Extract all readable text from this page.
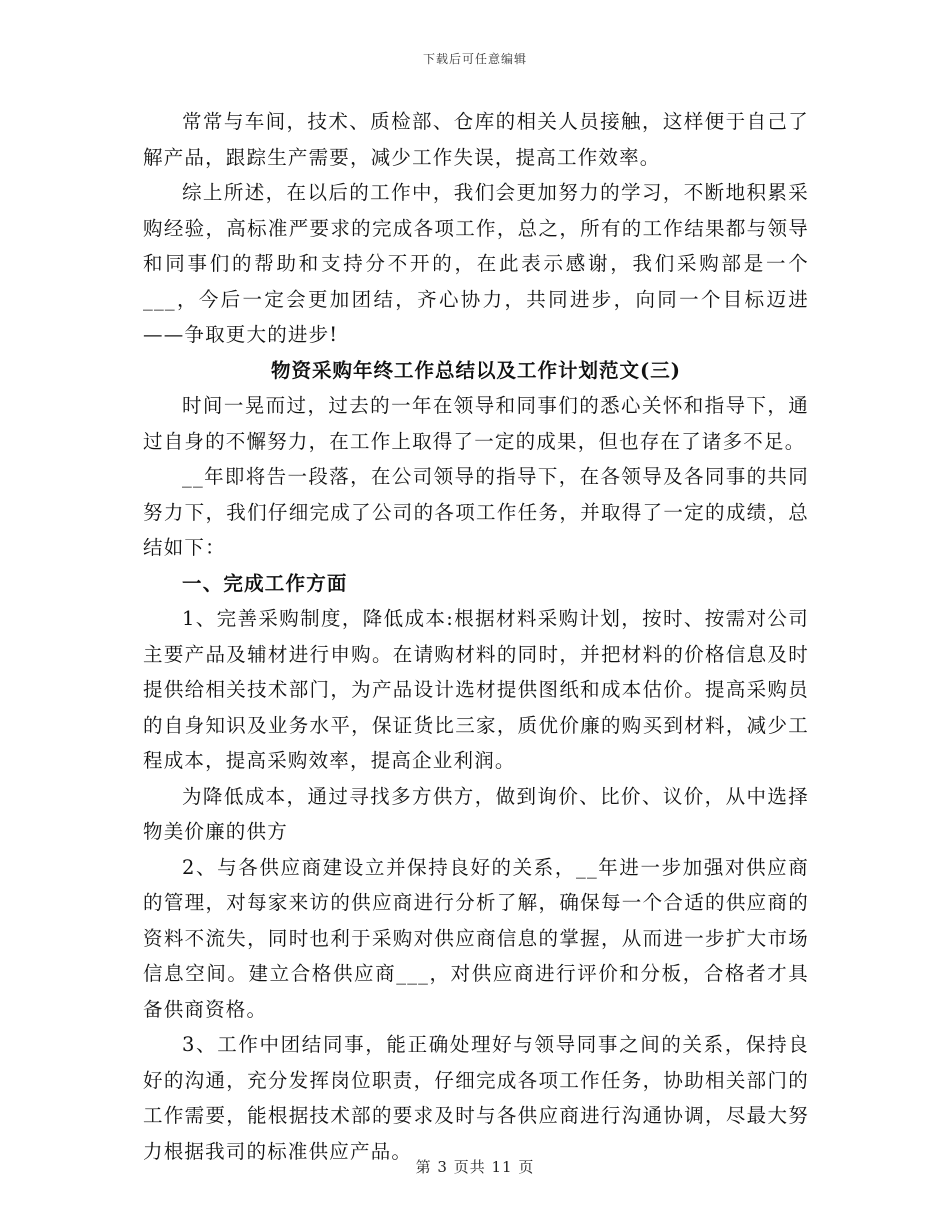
下载后可任意编辑

常常与车间，技术、质检部、仓库的相关人员接触，这样便于自己了解产品，跟踪生产需要，减少工作失误，提高工作效率。

综上所述，在以后的工作中，我们会更加努力的学习，不断地积累采购经验，高标准严要求的完成各项工作，总之，所有的工作结果都与领导和同事们的帮助和支持分不开的，在此表示感谢，我们采购部是一个___，今后一定会更加团结，齐心协力，共同进步，向同一个目标迈进——争取更大的进步!

物资采购年终工作总结以及工作计划范文(三)

时间一晃而过，过去的一年在领导和同事们的悉心关怀和指导下，通过自身的不懈努力，在工作上取得了一定的成果，但也存在了诸多不足。

__年即将告一段落，在公司领导的指导下，在各领导及各同事的共同努力下，我们仔细完成了公司的各项工作任务，并取得了一定的成绩，总结如下：

一、完成工作方面

1、完善采购制度，降低成本:根据材料采购计划，按时、按需对公司主要产品及辅材进行申购。在请购材料的同时，并把材料的价格信息及时提供给相关技术部门，为产品设计选材提供图纸和成本估价。提高采购员的自身知识及业务水平，保证货比三家，质优价廉的购买到材料，减少工程成本，提高采购效率，提高企业利润。

为降低成本，通过寻找多方供方，做到询价、比价、议价，从中选择物美价廉的供方

2、与各供应商建设立并保持良好的关系，__年进一步加强对供应商的管理，对每家来访的供应商进行分析了解，确保每一个合适的供应商的资料不流失，同时也利于采购对供应商信息的掌握，从而进一步扩大市场信息空间。建立合格供应商___，对供应商进行评价和分板，合格者才具备供商资格。

3、工作中团结同事，能正确处理好与领导同事之间的关系，保持良好的沟通，充分发挥岗位职责，仔细完成各项工作任务，协助相关部门的工作需要，能根据技术部的要求及时与各供应商进行沟通协调，尽最大努力根据我司的标准供应产品。

第 3 页共 11 页
